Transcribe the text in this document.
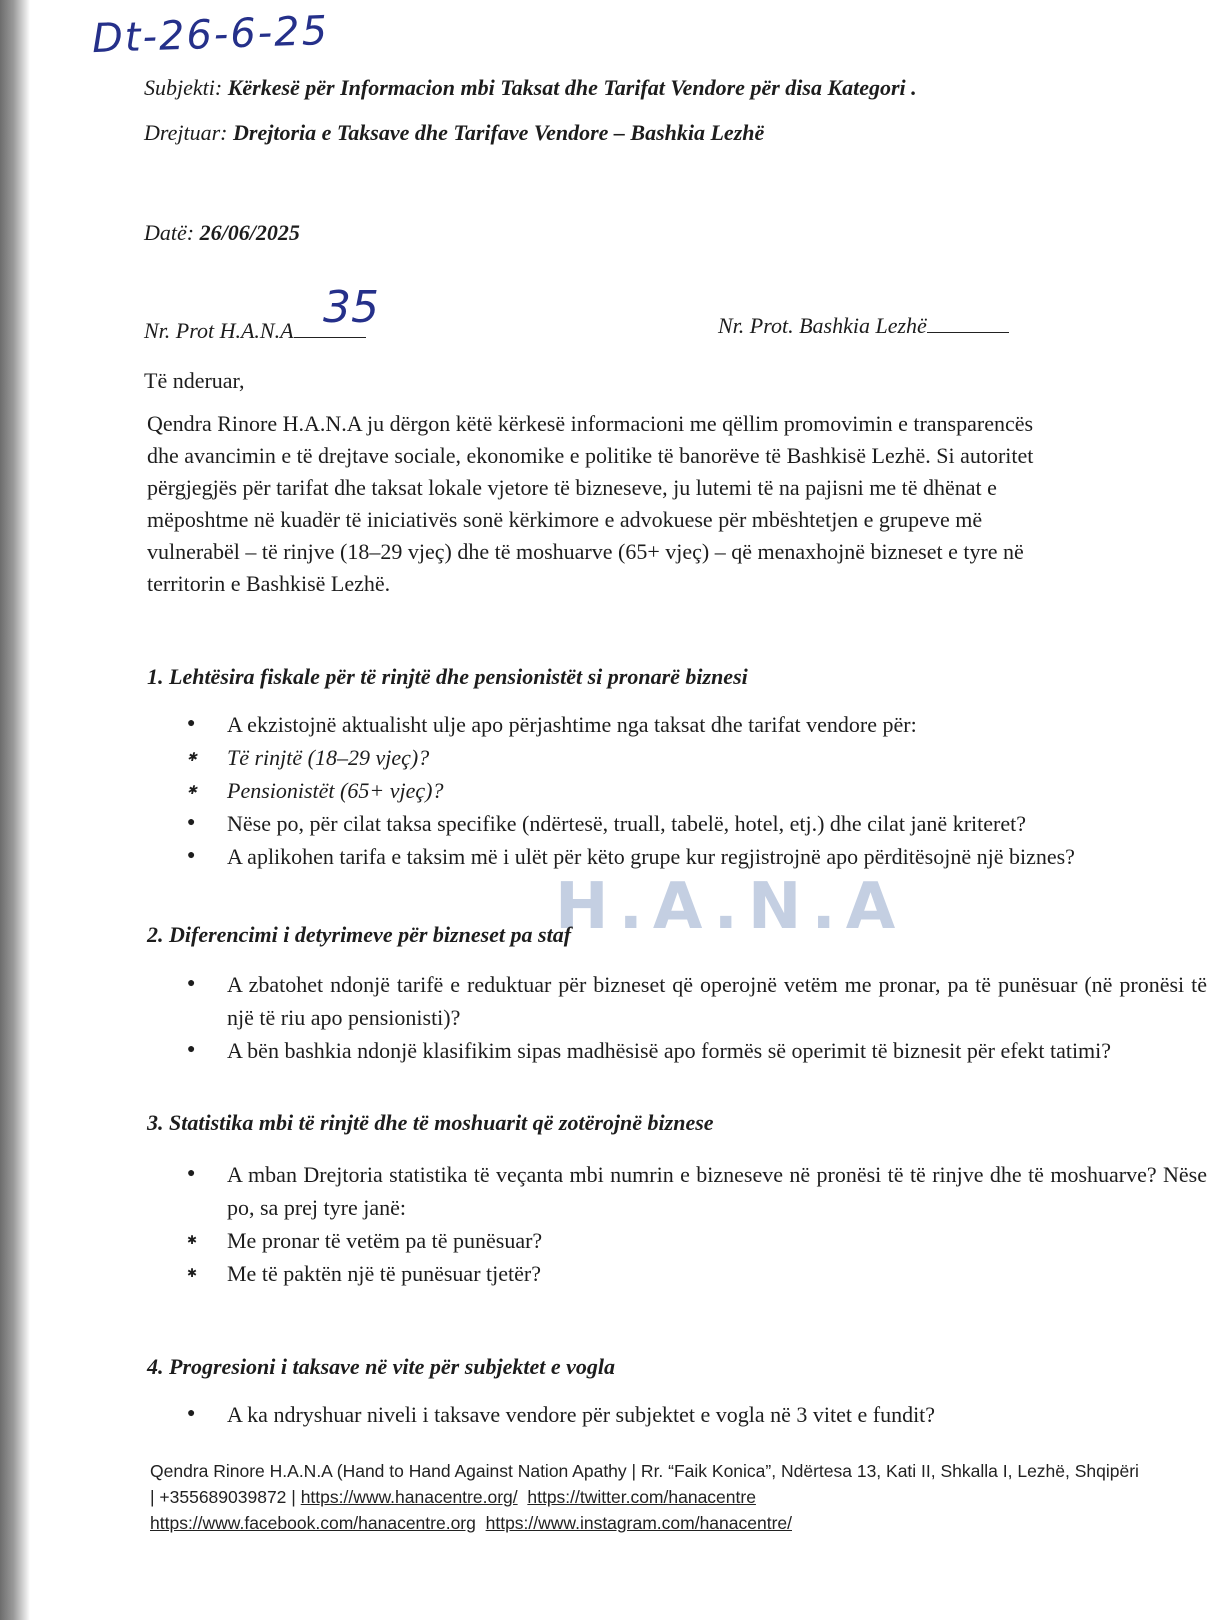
Dt-26-6-25
Subjekti: Kërkesë për Informacion mbi Taksat dhe Tarifat Vendore për disa Kategori .
Drejtuar: Drejtoria e Taksave dhe Tarifave Vendore – Bashkia Lezhë
Datë: 26/06/2025
Nr. Prot H.A.N.A 35	Nr. Prot. Bashkia Lezhë
Të nderuar,
Qendra Rinore H.A.N.A ju dërgon këtë kërkesë informacioni me qëllim promovimin e transparencës
dhe avancimin e të drejtave sociale, ekonomike e politike të banorëve të Bashkisë Lezhë. Si autoritet
përgjegjës për tarifat dhe taksat lokale vjetore të bizneseve, ju lutemi të na pajisni me të dhënat e
mëposhtme në kuadër të iniciativës sonë kërkimore e advokuese për mbështetjen e grupeve më
vulnerabël – të rinjve (18–29 vjeç) dhe të moshuarve (65+ vjeç) – që menaxhojnë bizneset e tyre në
territorin e Bashkisë Lezhë.
1. Lehtësira fiskale për të rinjtë dhe pensionistët si pronarë biznesi
● A ekzistojnë aktualisht ulje apo përjashtime nga taksat dhe tarifat vendore për:
✱ Të rinjtë (18–29 vjeç)?
✱ Pensionistët (65+ vjeç)?
● Nëse po, për cilat taksa specifike (ndërtesë, truall, tabelë, hotel, etj.) dhe cilat janë kriteret?
● A aplikohen tarifa e taksim më i ulët për këto grupe kur regjistrojnë apo përditësojnë një biznes?
H.A.N.A
2. Diferencimi i detyrimeve për bizneset pa staf
● A zbatohet ndonjë tarifë e reduktuar për bizneset që operojnë vetëm me pronar, pa të punësuar (në pronësi të një të riu apo pensionisti)?
● A bën bashkia ndonjë klasifikim sipas madhësisë apo formës së operimit të biznesit për efekt tatimi?
3. Statistika mbi të rinjtë dhe të moshuarit që zotërojnë biznese
● A mban Drejtoria statistika të veçanta mbi numrin e bizneseve në pronësi të të rinjve dhe të moshuarve? Nëse po, sa prej tyre janë:
✱ Me pronar të vetëm pa të punësuar?
✱ Me të paktën një të punësuar tjetër?
4. Progresioni i taksave në vite për subjektet e vogla
● A ka ndryshuar niveli i taksave vendore për subjektet e vogla në 3 vitet e fundit?
Qendra Rinore H.A.N.A (Hand to Hand Against Nation Apathy | Rr. “Faik Konica”, Ndërtesa 13, Kati II, Shkalla I, Lezhë, Shqipëri
| +355689039872 | https://www.hanacentre.org/ https://twitter.com/hanacentre
https://www.facebook.com/hanacentre.org https://www.instagram.com/hanacentre/
